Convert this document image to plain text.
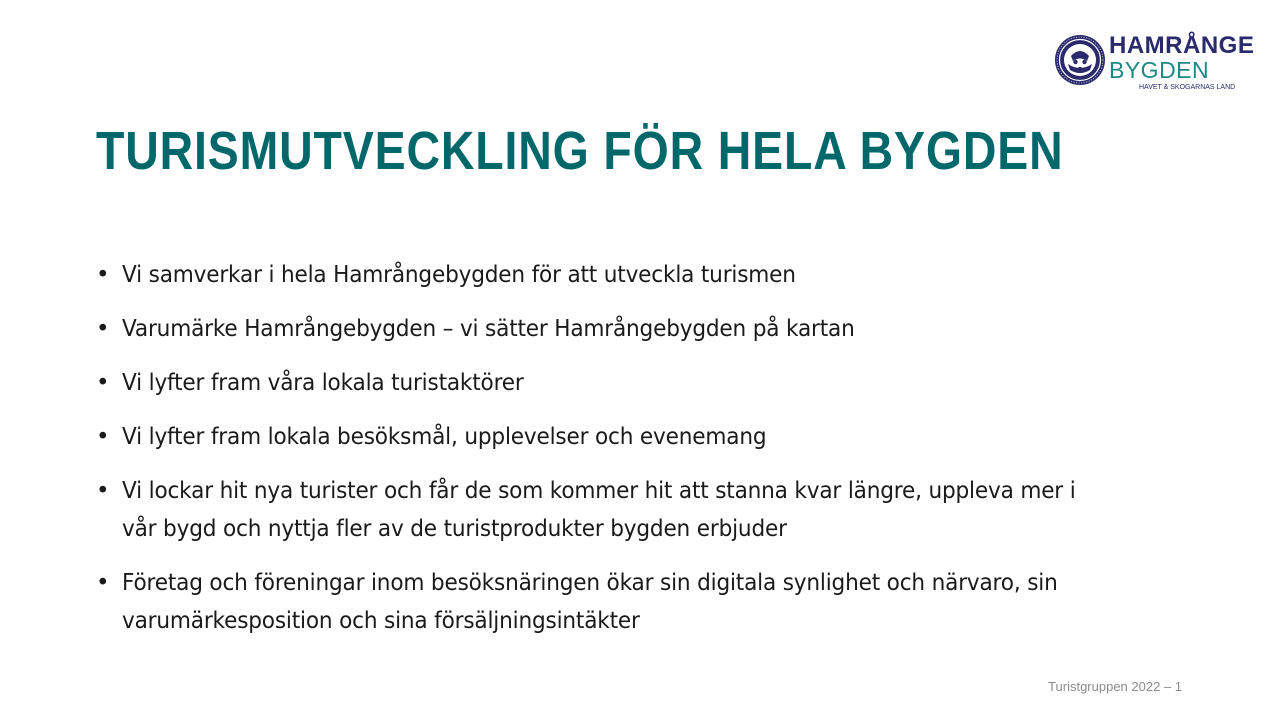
HAMRÅNGE
BYGDEN
HAVET & SKOGARNAS LAND
TURISMUTVECKLING FÖR HELA BYGDEN
• Vi samverkar i hela Hamrångebygden för att utveckla turismen
• Varumärke Hamrångebygden – vi sätter Hamrångebygden på kartan
• Vi lyfter fram våra lokala turistaktörer
• Vi lyfter fram lokala besöksmål, upplevelser och evenemang
• Vi lockar hit nya turister och får de som kommer hit att stanna kvar längre, uppleva mer i vår bygd och nyttja fler av de turistprodukter bygden erbjuder
• Företag och föreningar inom besöksnäringen ökar sin digitala synlighet och närvaro, sin varumärkesposition och sina försäljningsintäkter
Turistgruppen 2022 – 1
